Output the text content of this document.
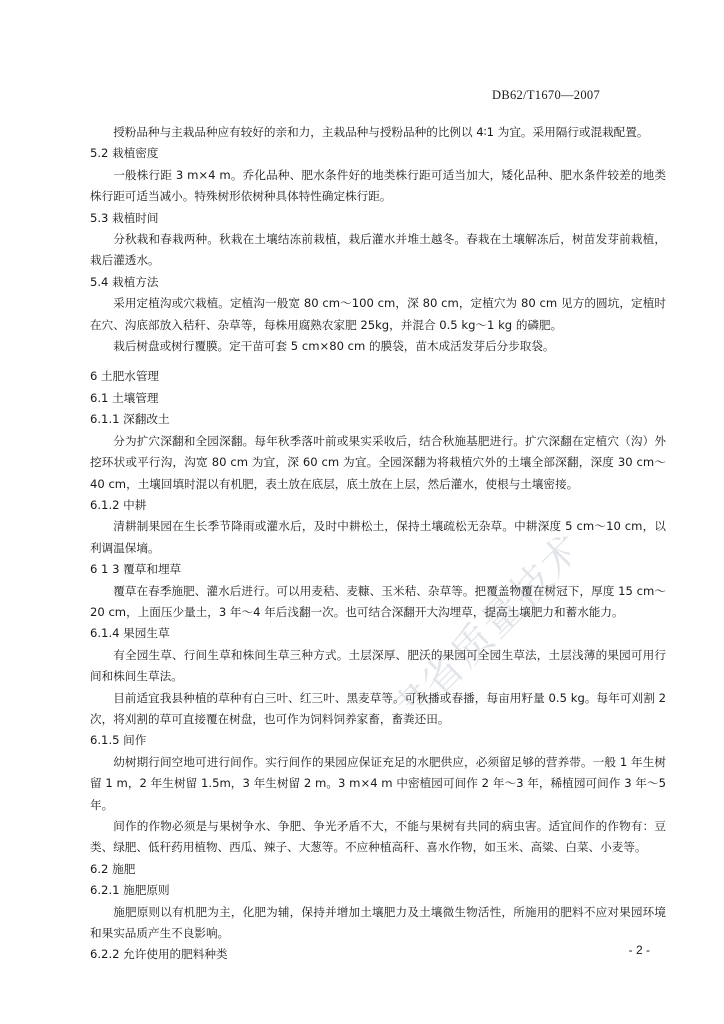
DB62/T1670—2007
甘肃省质量技术监督局
授粉品种与主栽品种应有较好的亲和力，主栽品种与授粉品种的比例以 4∶1 为宜。采用隔行或混栽配置。
5.2 栽植密度
一般株行距 3 m×4 m。乔化品种、肥水条件好的地类株行距可适当加大，矮化品种、肥水条件较差的地类株行距可适当减小。特殊树形依树种具体特性确定株行距。
5.3 栽植时间
分秋栽和春栽两种。秋栽在土壤结冻前栽植，栽后灌水并堆土越冬。春栽在土壤解冻后，树苗发芽前栽植，栽后灌透水。
5.4 栽植方法
采用定植沟或穴栽植。定植沟一般宽 80 cm～100 cm，深 80 cm，定植穴为 80 cm 见方的圆坑，定植时在穴、沟底部放入秸秆、杂草等，每株用腐熟农家肥 25kg，并混合 0.5 kg～1 kg 的磷肥。
栽后树盘或树行覆膜。定干苗可套 5 cm×80 cm 的膜袋，苗木成活发芽后分步取袋。
6 土肥水管理
6.1 土壤管理
6.1.1 深翻改土
分为扩穴深翻和全园深翻。每年秋季落叶前或果实采收后，结合秋施基肥进行。扩穴深翻在定植穴（沟）外挖环状或平行沟，沟宽 80 cm 为宜，深 60 cm 为宜。全园深翻为将栽植穴外的土壤全部深翻，深度 30 cm～40 cm，土壤回填时混以有机肥，表土放在底层，底土放在上层，然后灌水，使根与土壤密接。
6.1.2 中耕
清耕制果园在生长季节降雨或灌水后，及时中耕松土，保持土壤疏松无杂草。中耕深度 5 cm～10 cm，以利调温保墒。
6 1 3 覆草和埋草
覆草在春季施肥、灌水后进行。可以用麦秸、麦糠、玉米秸、杂草等。把覆盖物覆在树冠下，厚度 15 cm～20 cm，上面压少量土，3 年～4 年后浅翻一次。也可结合深翻开大沟埋草，提高土壤肥力和蓄水能力。
6.1.4 果园生草
有全园生草、行间生草和株间生草三种方式。土层深厚、肥沃的果园可全园生草法，土层浅薄的果园可用行间和株间生草法。
目前适宜我县种植的草种有白三叶、红三叶、黑麦草等。可秋播或春播，每亩用籽量 0.5 kg。每年可刈割 2 次，将刈割的草可直接覆在树盘，也可作为饲料饲养家畜，畜粪还田。
6.1.5 间作
幼树期行间空地可进行间作。实行间作的果园应保证充足的水肥供应，必须留足够的营养带。一般 1 年生树留 1 m，2 年生树留 1.5m，3 年生树留 2 m。3 m×4 m 中密植园可间作 2 年～3 年，稀植园可间作 3 年～5 年。
间作的作物必须是与果树争水、争肥、争光矛盾不大，不能与果树有共同的病虫害。适宜间作的作物有：豆类、绿肥、低秆药用植物、西瓜、辣子、大葱等。不应种植高秆、喜水作物，如玉米、高粱、白菜、小麦等。
6.2 施肥
6.2.1 施肥原则
施肥原则以有机肥为主，化肥为辅，保持并增加土壤肥力及土壤微生物活性，所施用的肥料不应对果园环境和果实品质产生不良影响。
6.2.2 允许使用的肥料种类	- 2 -
